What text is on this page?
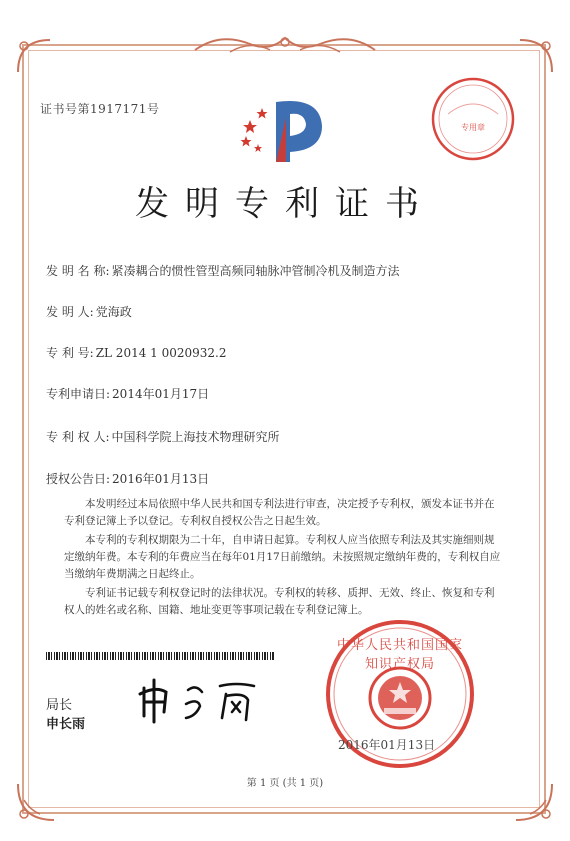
证书号第1917171号
专用章
发明专利证书
发 明 名 称: 紧凑耦合的惯性管型高频同轴脉冲管制冷机及制造方法
发 明 人: 党海政
专 利 号: ZL 2014 1 0020932.2
专利申请日: 2014年01月17日
专 利 权 人: 中国科学院上海技术物理研究所
授权公告日: 2016年01月13日
本发明经过本局依照中华人民共和国专利法进行审查，决定授予专利权，颁发本证书并在专利登记簿上予以登记。专利权自授权公告之日起生效。
本专利的专利权期限为二十年，自申请日起算。专利权人应当依照专利法及其实施细则规定缴纳年费。本专利的年费应当在每年01月17日前缴纳。未按照规定缴纳年费的，专利权自应当缴纳年费期满之日起终止。
专利证书记载专利权登记时的法律状况。专利权的转移、质押、无效、终止、恢复和专利权人的姓名或名称、国籍、地址变更等事项记载在专利登记簿上。
局长
申长雨
中华人民共和国国家知识产权局
2016年01月13日
第 1 页 (共 1 页)
